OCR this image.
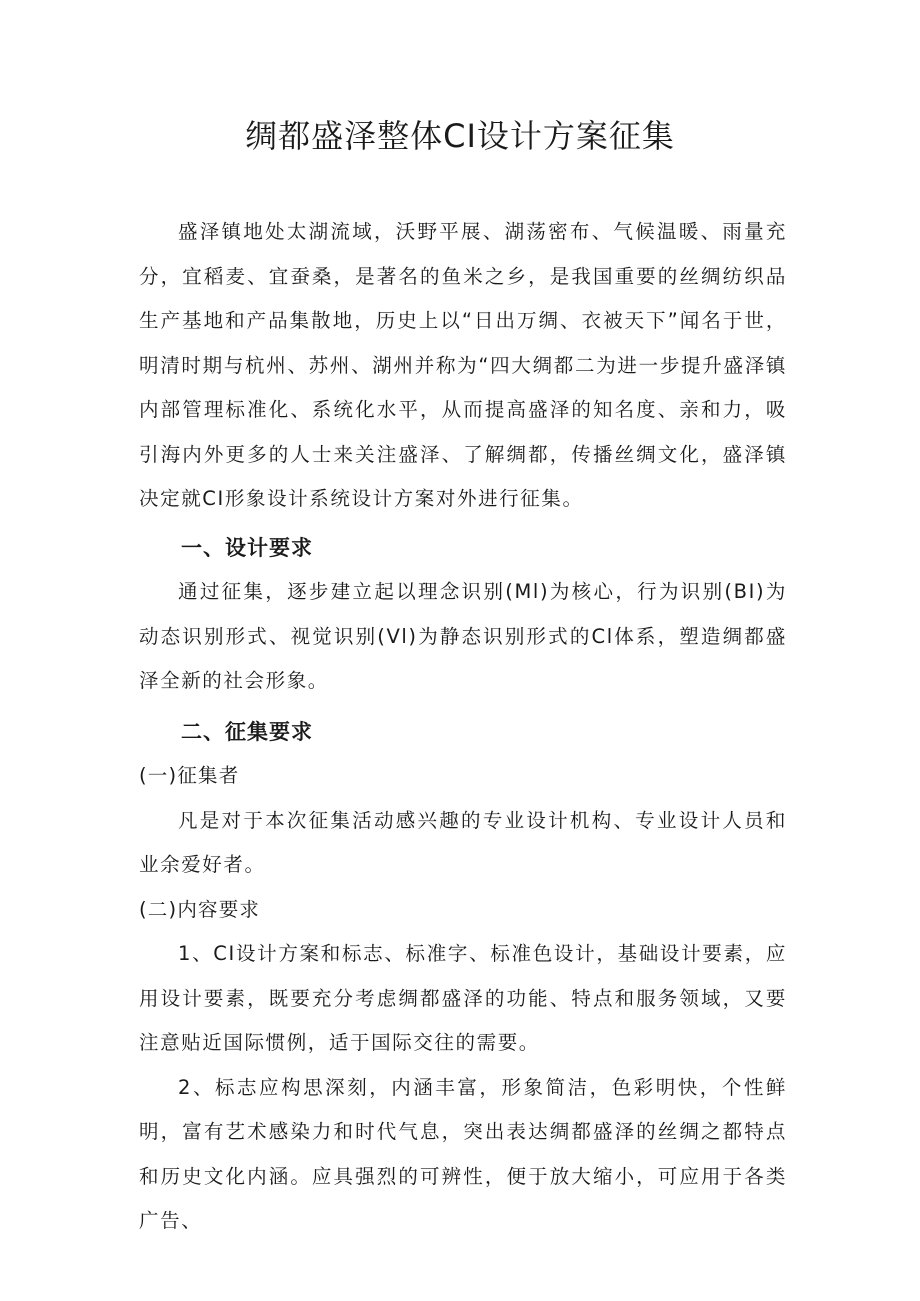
绸都盛泽整体CI设计方案征集

盛泽镇地处太湖流域，沃野平展、湖荡密布、气候温暖、雨量充分，宜稻麦、宜蚕桑，是著名的鱼米之乡，是我国重要的丝绸纺织品生产基地和产品集散地，历史上以“日出万绸、衣被天下”闻名于世，明清时期与杭州、苏州、湖州并称为“四大绸都二为进一步提升盛泽镇内部管理标准化、系统化水平，从而提高盛泽的知名度、亲和力，吸引海内外更多的人士来关注盛泽、了解绸都，传播丝绸文化，盛泽镇决定就CI形象设计系统设计方案对外进行征集。

一、设计要求

通过征集，逐步建立起以理念识别(Ml)为核心，行为识别(BI)为动态识别形式、视觉识别(Vl)为静态识别形式的Cl体系，塑造绸都盛泽全新的社会形象。

二、征集要求

(一)征集者

凡是对于本次征集活动感兴趣的专业设计机构、专业设计人员和业余爱好者。

(二)内容要求

1、CI设计方案和标志、标准字、标准色设计，基础设计要素，应用设计要素，既要充分考虑绸都盛泽的功能、特点和服务领域，又要注意贴近国际惯例，适于国际交往的需要。

2、标志应构思深刻，内涵丰富，形象简洁，色彩明快，个性鲜明，富有艺术感染力和时代气息，突出表达绸都盛泽的丝绸之都特点和历史文化内涵。应具强烈的可辨性，便于放大缩小，可应用于各类广告、
